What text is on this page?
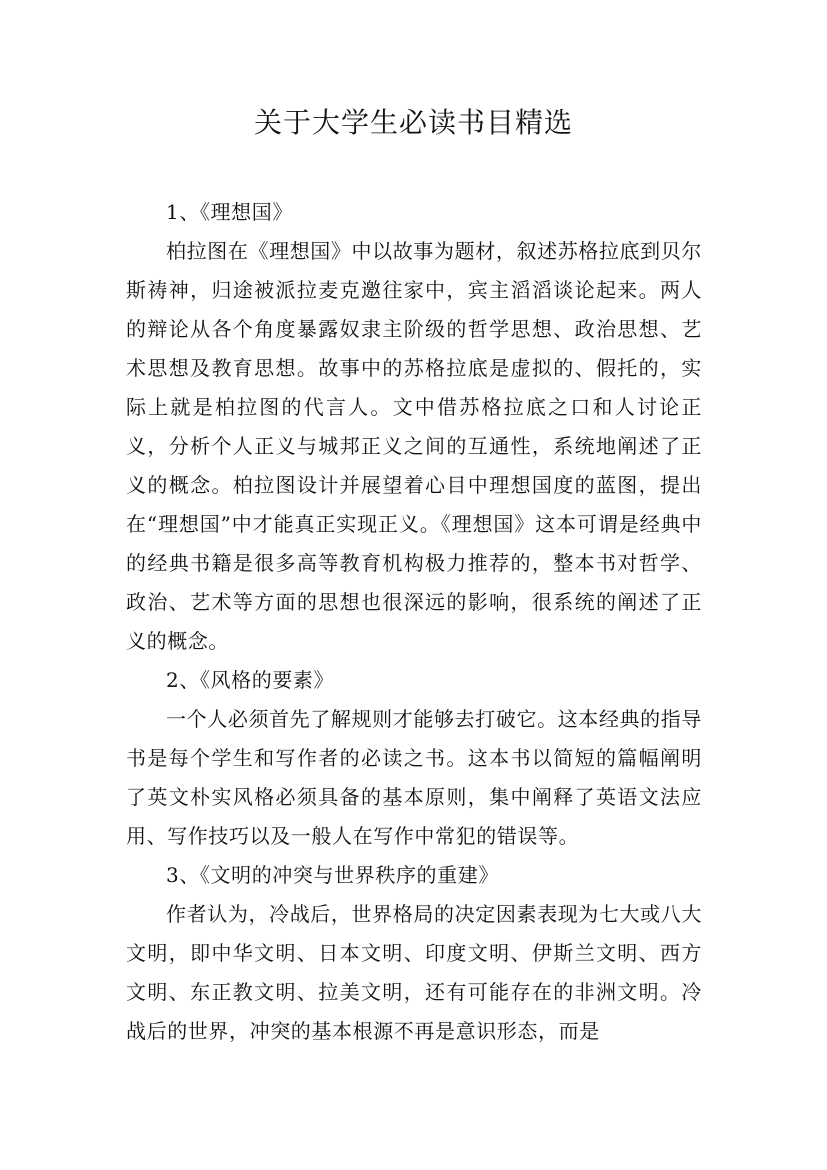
关于大学生必读书目精选

1、《理想国》

柏拉图在《理想国》中以故事为题材，叙述苏格拉底到贝尔斯祷神，归途被派拉麦克邀往家中，宾主滔滔谈论起来。两人的辩论从各个角度暴露奴隶主阶级的哲学思想、政治思想、艺术思想及教育思想。故事中的苏格拉底是虚拟的、假托的，实际上就是柏拉图的代言人。文中借苏格拉底之口和人讨论正义，分析个人正义与城邦正义之间的互通性，系统地阐述了正义的概念。柏拉图设计并展望着心目中理想国度的蓝图，提出在“理想国”中才能真正实现正义。《理想国》这本可谓是经典中的经典书籍是很多高等教育机构极力推荐的，整本书对哲学、政治、艺术等方面的思想也很深远的影响，很系统的阐述了正义的概念。

2、《风格的要素》

一个人必须首先了解规则才能够去打破它。这本经典的指导书是每个学生和写作者的必读之书。这本书以简短的篇幅阐明了英文朴实风格必须具备的基本原则，集中阐释了英语文法应用、写作技巧以及一般人在写作中常犯的错误等。

3、《文明的冲突与世界秩序的重建》

作者认为，冷战后，世界格局的决定因素表现为七大或八大文明，即中华文明、日本文明、印度文明、伊斯兰文明、西方文明、东正教文明、拉美文明，还有可能存在的非洲文明。冷战后的世界，冲突的基本根源不再是意识形态，而是
